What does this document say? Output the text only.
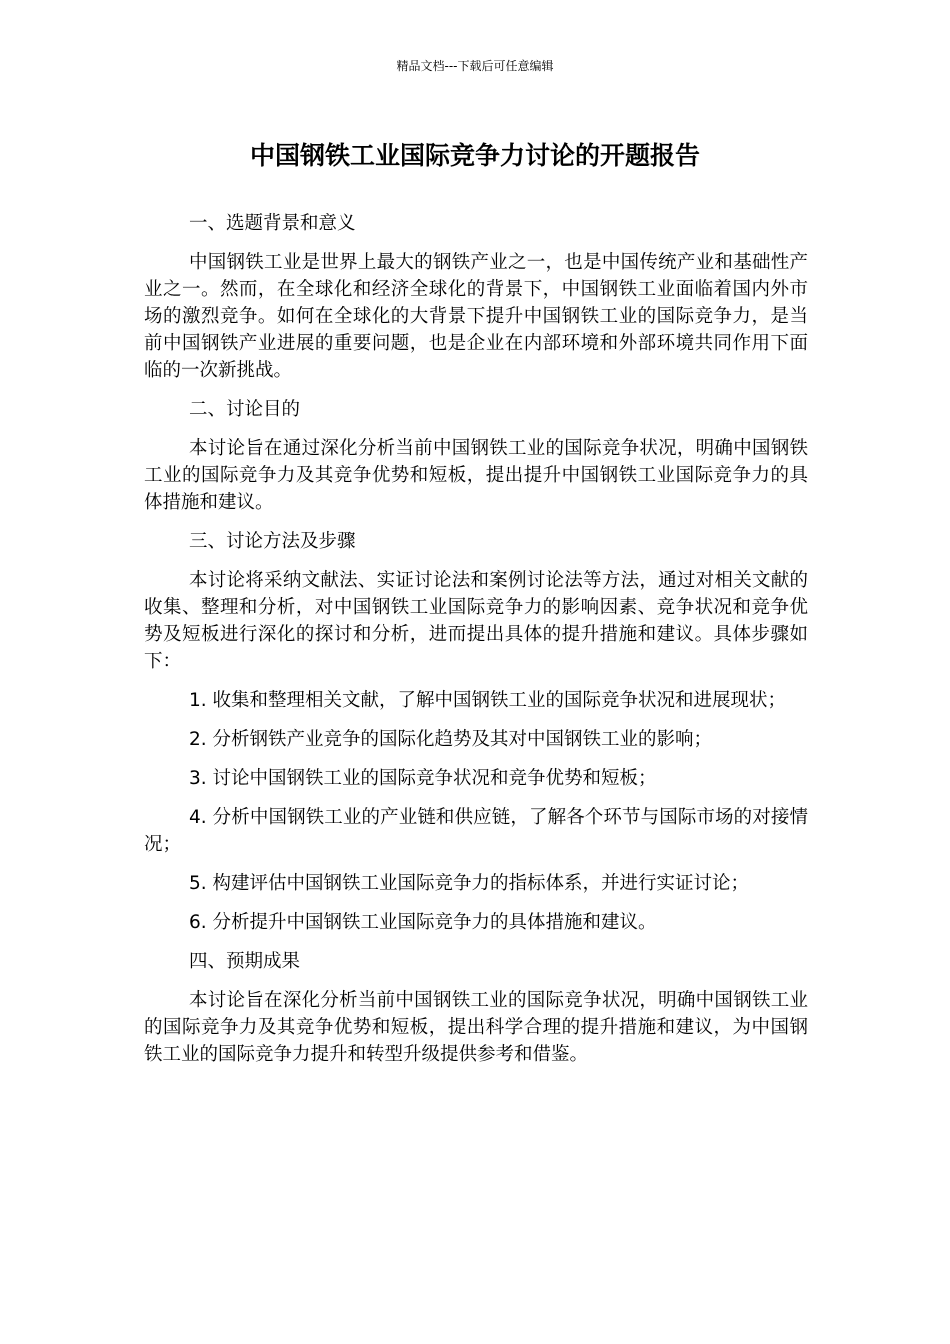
精品文档---下载后可任意编辑
中国钢铁工业国际竞争力讨论的开题报告

一、选题背景和意义

中国钢铁工业是世界上最大的钢铁产业之一，也是中国传统产业和基础性产业之一。然而，在全球化和经济全球化的背景下，中国钢铁工业面临着国内外市场的激烈竞争。如何在全球化的大背景下提升中国钢铁工业的国际竞争力，是当前中国钢铁产业进展的重要问题，也是企业在内部环境和外部环境共同作用下面临的一次新挑战。

二、讨论目的

本讨论旨在通过深化分析当前中国钢铁工业的国际竞争状况，明确中国钢铁工业的国际竞争力及其竞争优势和短板，提出提升中国钢铁工业国际竞争力的具体措施和建议。

三、讨论方法及步骤

本讨论将采纳文献法、实证讨论法和案例讨论法等方法，通过对相关文献的收集、整理和分析，对中国钢铁工业国际竞争力的影响因素、竞争状况和竞争优势及短板进行深化的探讨和分析，进而提出具体的提升措施和建议。具体步骤如下：

1. 收集和整理相关文献，了解中国钢铁工业的国际竞争状况和进展现状；

2. 分析钢铁产业竞争的国际化趋势及其对中国钢铁工业的影响；

3. 讨论中国钢铁工业的国际竞争状况和竞争优势和短板；

4. 分析中国钢铁工业的产业链和供应链，了解各个环节与国际市场的对接情况；

5. 构建评估中国钢铁工业国际竞争力的指标体系，并进行实证讨论；

6. 分析提升中国钢铁工业国际竞争力的具体措施和建议。

四、预期成果

本讨论旨在深化分析当前中国钢铁工业的国际竞争状况，明确中国钢铁工业的国际竞争力及其竞争优势和短板，提出科学合理的提升措施和建议，为中国钢铁工业的国际竞争力提升和转型升级提供参考和借鉴。
